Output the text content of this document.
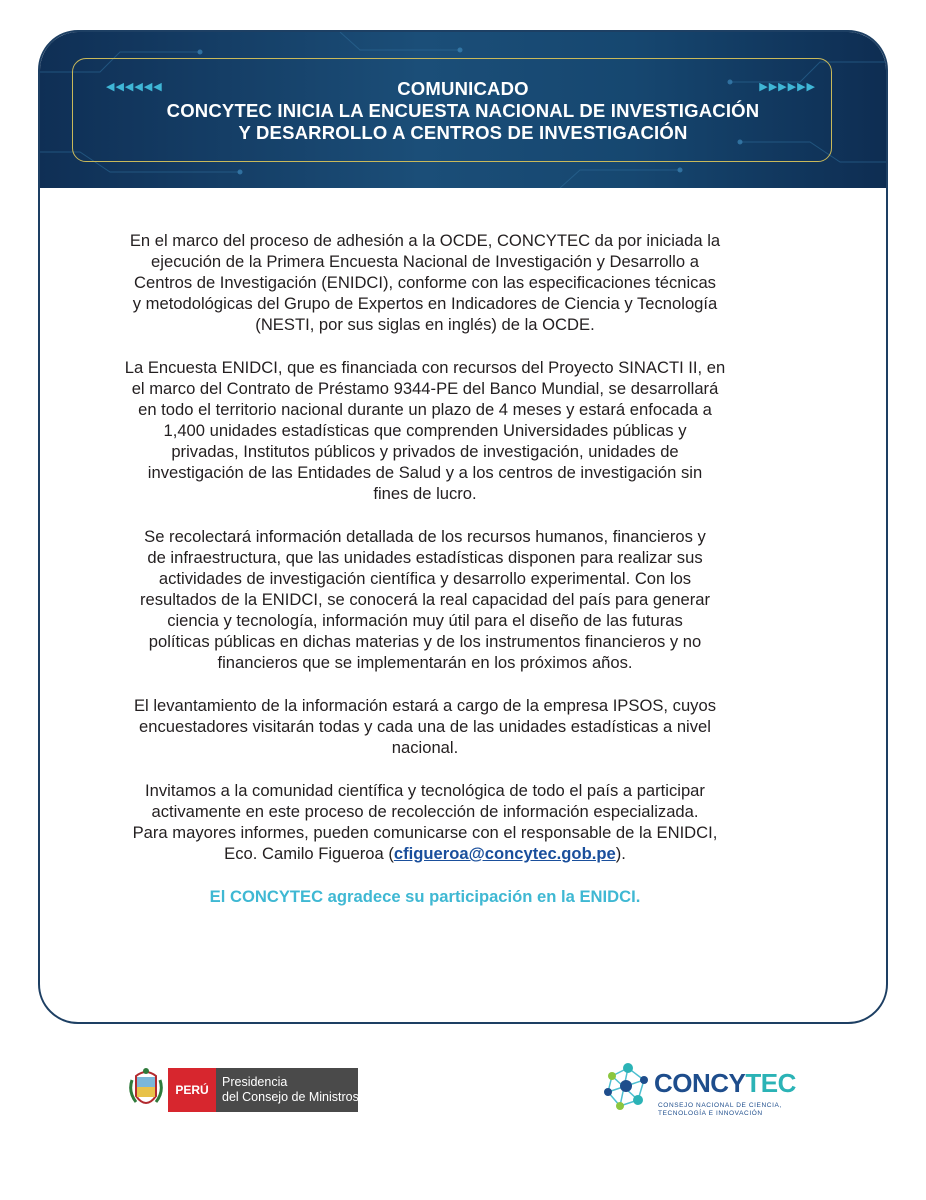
◀◀◀◀◀◀	▶▶▶▶▶▶
COMUNICADO
CONCYTEC INICIA LA ENCUESTA NACIONAL DE INVESTIGACIÓN
Y DESARROLLO A CENTROS DE INVESTIGACIÓN

En el marco del proceso de adhesión a la OCDE, CONCYTEC da por iniciada la
ejecución de la Primera Encuesta Nacional de Investigación y Desarrollo a
Centros de Investigación (ENIDCI), conforme con las especificaciones técnicas
y metodológicas del Grupo de Expertos en Indicadores de Ciencia y Tecnología
(NESTI, por sus siglas en inglés) de la OCDE.

La Encuesta ENIDCI, que es financiada con recursos del Proyecto SINACTI II, en
el marco del Contrato de Préstamo 9344-PE del Banco Mundial, se desarrollará
en todo el territorio nacional durante un plazo de 4 meses y estará enfocada a
1,400 unidades estadísticas que comprenden Universidades públicas y
privadas, Institutos públicos y privados de investigación, unidades de
investigación de las Entidades de Salud y a los centros de investigación sin
fines de lucro.

Se recolectará información detallada de los recursos humanos, financieros y
de infraestructura, que las unidades estadísticas disponen para realizar sus
actividades de investigación científica y desarrollo experimental. Con los
resultados de la ENIDCI, se conocerá la real capacidad del país para generar
ciencia y tecnología, información muy útil para el diseño de las futuras
políticas públicas en dichas materias y de los instrumentos financieros y no
financieros que se implementarán en los próximos años.

El levantamiento de la información estará a cargo de la empresa IPSOS, cuyos
encuestadores visitarán todas y cada una de las unidades estadísticas a nivel
nacional.

Invitamos a la comunidad científica y tecnológica de todo el país a participar
activamente en este proceso de recolección de información especializada.
Para mayores informes, pueden comunicarse con el responsable de la ENIDCI,
Eco. Camilo Figueroa (cfigueroa@concytec.gob.pe).

El CONCYTEC agradece su participación en la ENIDCI.

PERÚ
Presidencia
del Consejo de Ministros	CONCYTEC
CONSEJO NACIONAL DE CIENCIA,
TECNOLOGÍA E INNOVACIÓN
